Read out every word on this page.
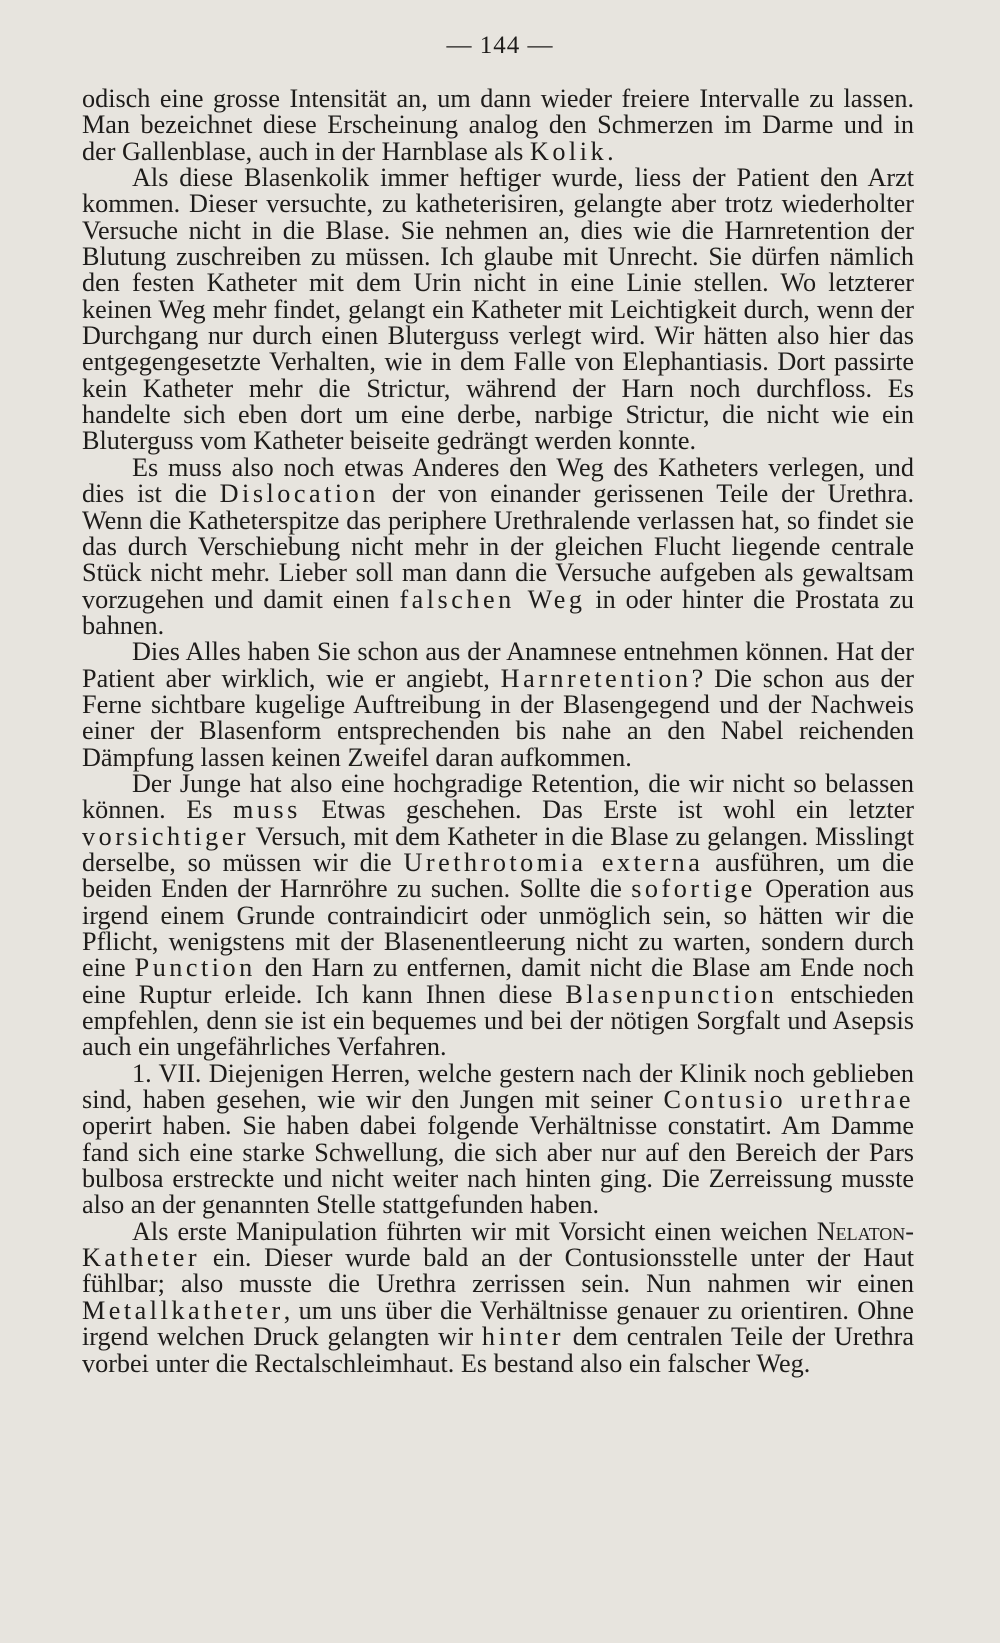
— 144 —

odisch eine grosse Intensität an, um dann wieder freiere Intervalle zu lassen. Man bezeichnet diese Erscheinung analog den Schmerzen im Darme und in der Gallenblase, auch in der Harnblase als Kolik.

Als diese Blasenkolik immer heftiger wurde, liess der Patient den Arzt kommen. Dieser versuchte, zu katheterisiren, gelangte aber trotz wiederholter Versuche nicht in die Blase. Sie nehmen an, dies wie die Harnretention der Blutung zuschreiben zu müssen. Ich glaube mit Unrecht. Sie dürfen nämlich den festen Katheter mit dem Urin nicht in eine Linie stellen. Wo letzterer keinen Weg mehr findet, gelangt ein Katheter mit Leichtigkeit durch, wenn der Durchgang nur durch einen Bluterguss verlegt wird. Wir hätten also hier das entgegengesetzte Verhalten, wie in dem Falle von Elephantiasis. Dort passirte kein Katheter mehr die Strictur, während der Harn noch durchfloss. Es handelte sich eben dort um eine derbe, narbige Strictur, die nicht wie ein Bluterguss vom Katheter beiseite gedrängt werden konnte.

Es muss also noch etwas Anderes den Weg des Katheters verlegen, und dies ist die Dislocation der von einander gerissenen Teile der Urethra. Wenn die Katheterspitze das periphere Urethralende verlassen hat, so findet sie das durch Verschiebung nicht mehr in der gleichen Flucht liegende centrale Stück nicht mehr. Lieber soll man dann die Versuche aufgeben als gewaltsam vorzugehen und damit einen falschen Weg in oder hinter die Prostata zu bahnen.

Dies Alles haben Sie schon aus der Anamnese entnehmen können. Hat der Patient aber wirklich, wie er angiebt, Harnretention? Die schon aus der Ferne sichtbare kugelige Auftreibung in der Blasengegend und der Nachweis einer der Blasenform entsprechenden bis nahe an den Nabel reichenden Dämpfung lassen keinen Zweifel daran aufkommen.

Der Junge hat also eine hochgradige Retention, die wir nicht so belassen können. Es muss Etwas geschehen. Das Erste ist wohl ein letzter vorsichtiger Versuch, mit dem Katheter in die Blase zu gelangen. Misslingt derselbe, so müssen wir die Urethrotomia externa ausführen, um die beiden Enden der Harnröhre zu suchen. Sollte die sofortige Operation aus irgend einem Grunde contraindicirt oder unmöglich sein, so hätten wir die Pflicht, wenigstens mit der Blasenentleerung nicht zu warten, sondern durch eine Punction den Harn zu entfernen, damit nicht die Blase am Ende noch eine Ruptur erleide. Ich kann Ihnen diese Blasenpunction entschieden empfehlen, denn sie ist ein bequemes und bei der nötigen Sorgfalt und Asepsis auch ein ungefährliches Verfahren.

1. VII. Diejenigen Herren, welche gestern nach der Klinik noch geblieben sind, haben gesehen, wie wir den Jungen mit seiner Contusio urethrae operirt haben. Sie haben dabei folgende Verhältnisse constatirt. Am Damme fand sich eine starke Schwellung, die sich aber nur auf den Bereich der Pars bulbosa erstreckte und nicht weiter nach hinten ging. Die Zerreissung musste also an der genannten Stelle stattgefunden haben.

Als erste Manipulation führten wir mit Vorsicht einen weichen Nelaton-Katheter ein. Dieser wurde bald an der Contusionsstelle unter der Haut fühlbar; also musste die Urethra zerrissen sein. Nun nahmen wir einen Metallkatheter, um uns über die Verhältnisse genauer zu orientiren. Ohne irgend welchen Druck gelangten wir hinter dem centralen Teile der Urethra vorbei unter die Rectalschleimhaut. Es bestand also ein falscher Weg.
